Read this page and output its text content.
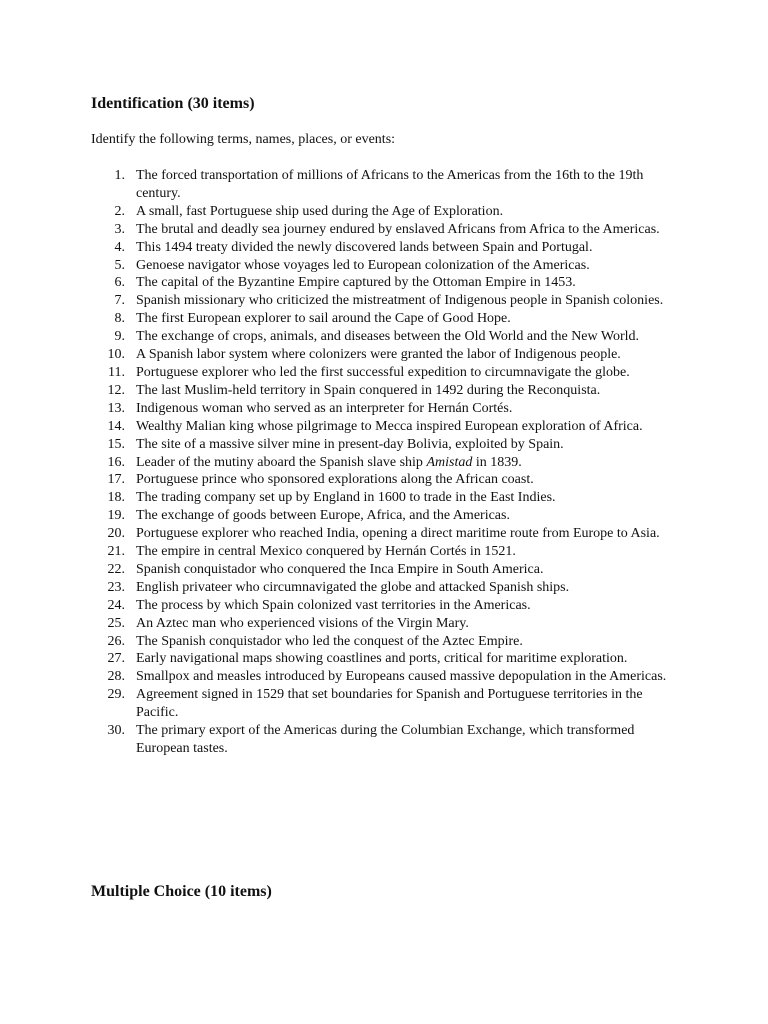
Identification (30 items)

Identify the following terms, names, places, or events:

1. The forced transportation of millions of Africans to the Americas from the 16th to the 19th century.
2. A small, fast Portuguese ship used during the Age of Exploration.
3. The brutal and deadly sea journey endured by enslaved Africans from Africa to the Americas.
4. This 1494 treaty divided the newly discovered lands between Spain and Portugal.
5. Genoese navigator whose voyages led to European colonization of the Americas.
6. The capital of the Byzantine Empire captured by the Ottoman Empire in 1453.
7. Spanish missionary who criticized the mistreatment of Indigenous people in Spanish colonies.
8. The first European explorer to sail around the Cape of Good Hope.
9. The exchange of crops, animals, and diseases between the Old World and the New World.
10. A Spanish labor system where colonizers were granted the labor of Indigenous people.
11. Portuguese explorer who led the first successful expedition to circumnavigate the globe.
12. The last Muslim-held territory in Spain conquered in 1492 during the Reconquista.
13. Indigenous woman who served as an interpreter for Hernán Cortés.
14. Wealthy Malian king whose pilgrimage to Mecca inspired European exploration of Africa.
15. The site of a massive silver mine in present-day Bolivia, exploited by Spain.
16. Leader of the mutiny aboard the Spanish slave ship Amistad in 1839.
17. Portuguese prince who sponsored explorations along the African coast.
18. The trading company set up by England in 1600 to trade in the East Indies.
19. The exchange of goods between Europe, Africa, and the Americas.
20. Portuguese explorer who reached India, opening a direct maritime route from Europe to Asia.
21. The empire in central Mexico conquered by Hernán Cortés in 1521.
22. Spanish conquistador who conquered the Inca Empire in South America.
23. English privateer who circumnavigated the globe and attacked Spanish ships.
24. The process by which Spain colonized vast territories in the Americas.
25. An Aztec man who experienced visions of the Virgin Mary.
26. The Spanish conquistador who led the conquest of the Aztec Empire.
27. Early navigational maps showing coastlines and ports, critical for maritime exploration.
28. Smallpox and measles introduced by Europeans caused massive depopulation in the Americas.
29. Agreement signed in 1529 that set boundaries for Spanish and Portuguese territories in the Pacific.
30. The primary export of the Americas during the Columbian Exchange, which transformed European tastes.
Multiple Choice (10 items)
